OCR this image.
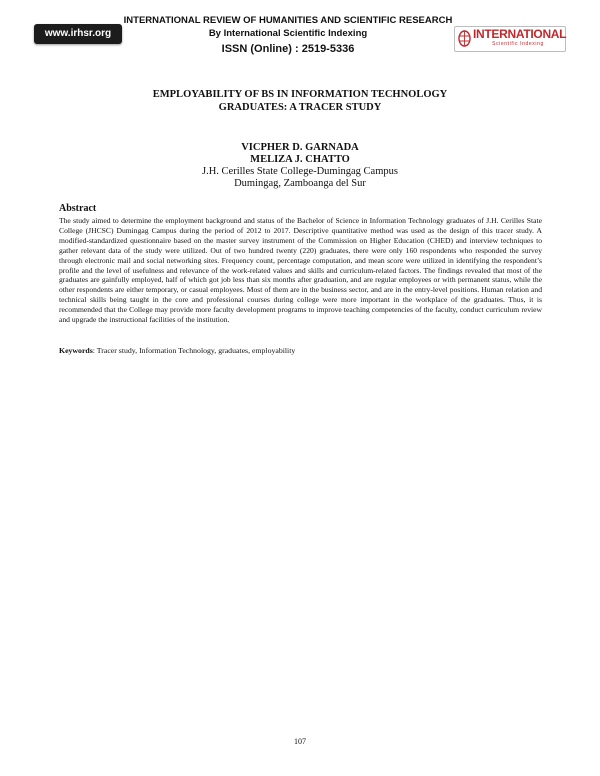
www.irhsr.org
INTERNATIONAL REVIEW OF HUMANITIES AND SCIENTIFIC RESEARCH
By International Scientific Indexing
ISSN (Online) : 2519-5336
INTERNATIONAL
Scientific Indexing
EMPLOYABILITY OF BS IN INFORMATION TECHNOLOGY
GRADUATES: A TRACER STUDY
VICPHER D. GARNADA
MELIZA J. CHATTO
J.H. Cerilles State College-Dumingag Campus
Dumingag, Zamboanga del Sur
Abstract

The study aimed to determine the employment background and status of the Bachelor of Science in Information Technology graduates of J.H. Cerilles State College (JHCSC) Dumingag Campus during the period of 2012 to 2017. Descriptive quantitative method was used as the design of this tracer study. A modified-standardized questionnaire based on the master survey instrument of the Commission on Higher Education (CHED) and interview techniques to gather relevant data of the study were utilized. Out of two hundred twenty (220) graduates, there were only 160 respondents who responded the survey through electronic mail and social networking sites. Frequency count, percentage computation, and mean score were utilized in identifying the respondent’s profile and the level of usefulness and relevance of the work-related values and skills and curriculum-related factors. The findings revealed that most of the graduates are gainfully employed, half of which got job less than six months after graduation, and are regular employees or with permanent status, while the other respondents are either temporary, or casual employees. Most of them are in the business sector, and are in the entry-level positions. Human relation and technical skills being taught in the core and professional courses during college were more important in the workplace of the graduates. Thus, it is recommended that the College may provide more faculty development programs to improve teaching competencies of the faculty, conduct curriculum review and upgrade the instructional facilities of the institution.

Keywords: Tracer study, Information Technology, graduates, employability
107
